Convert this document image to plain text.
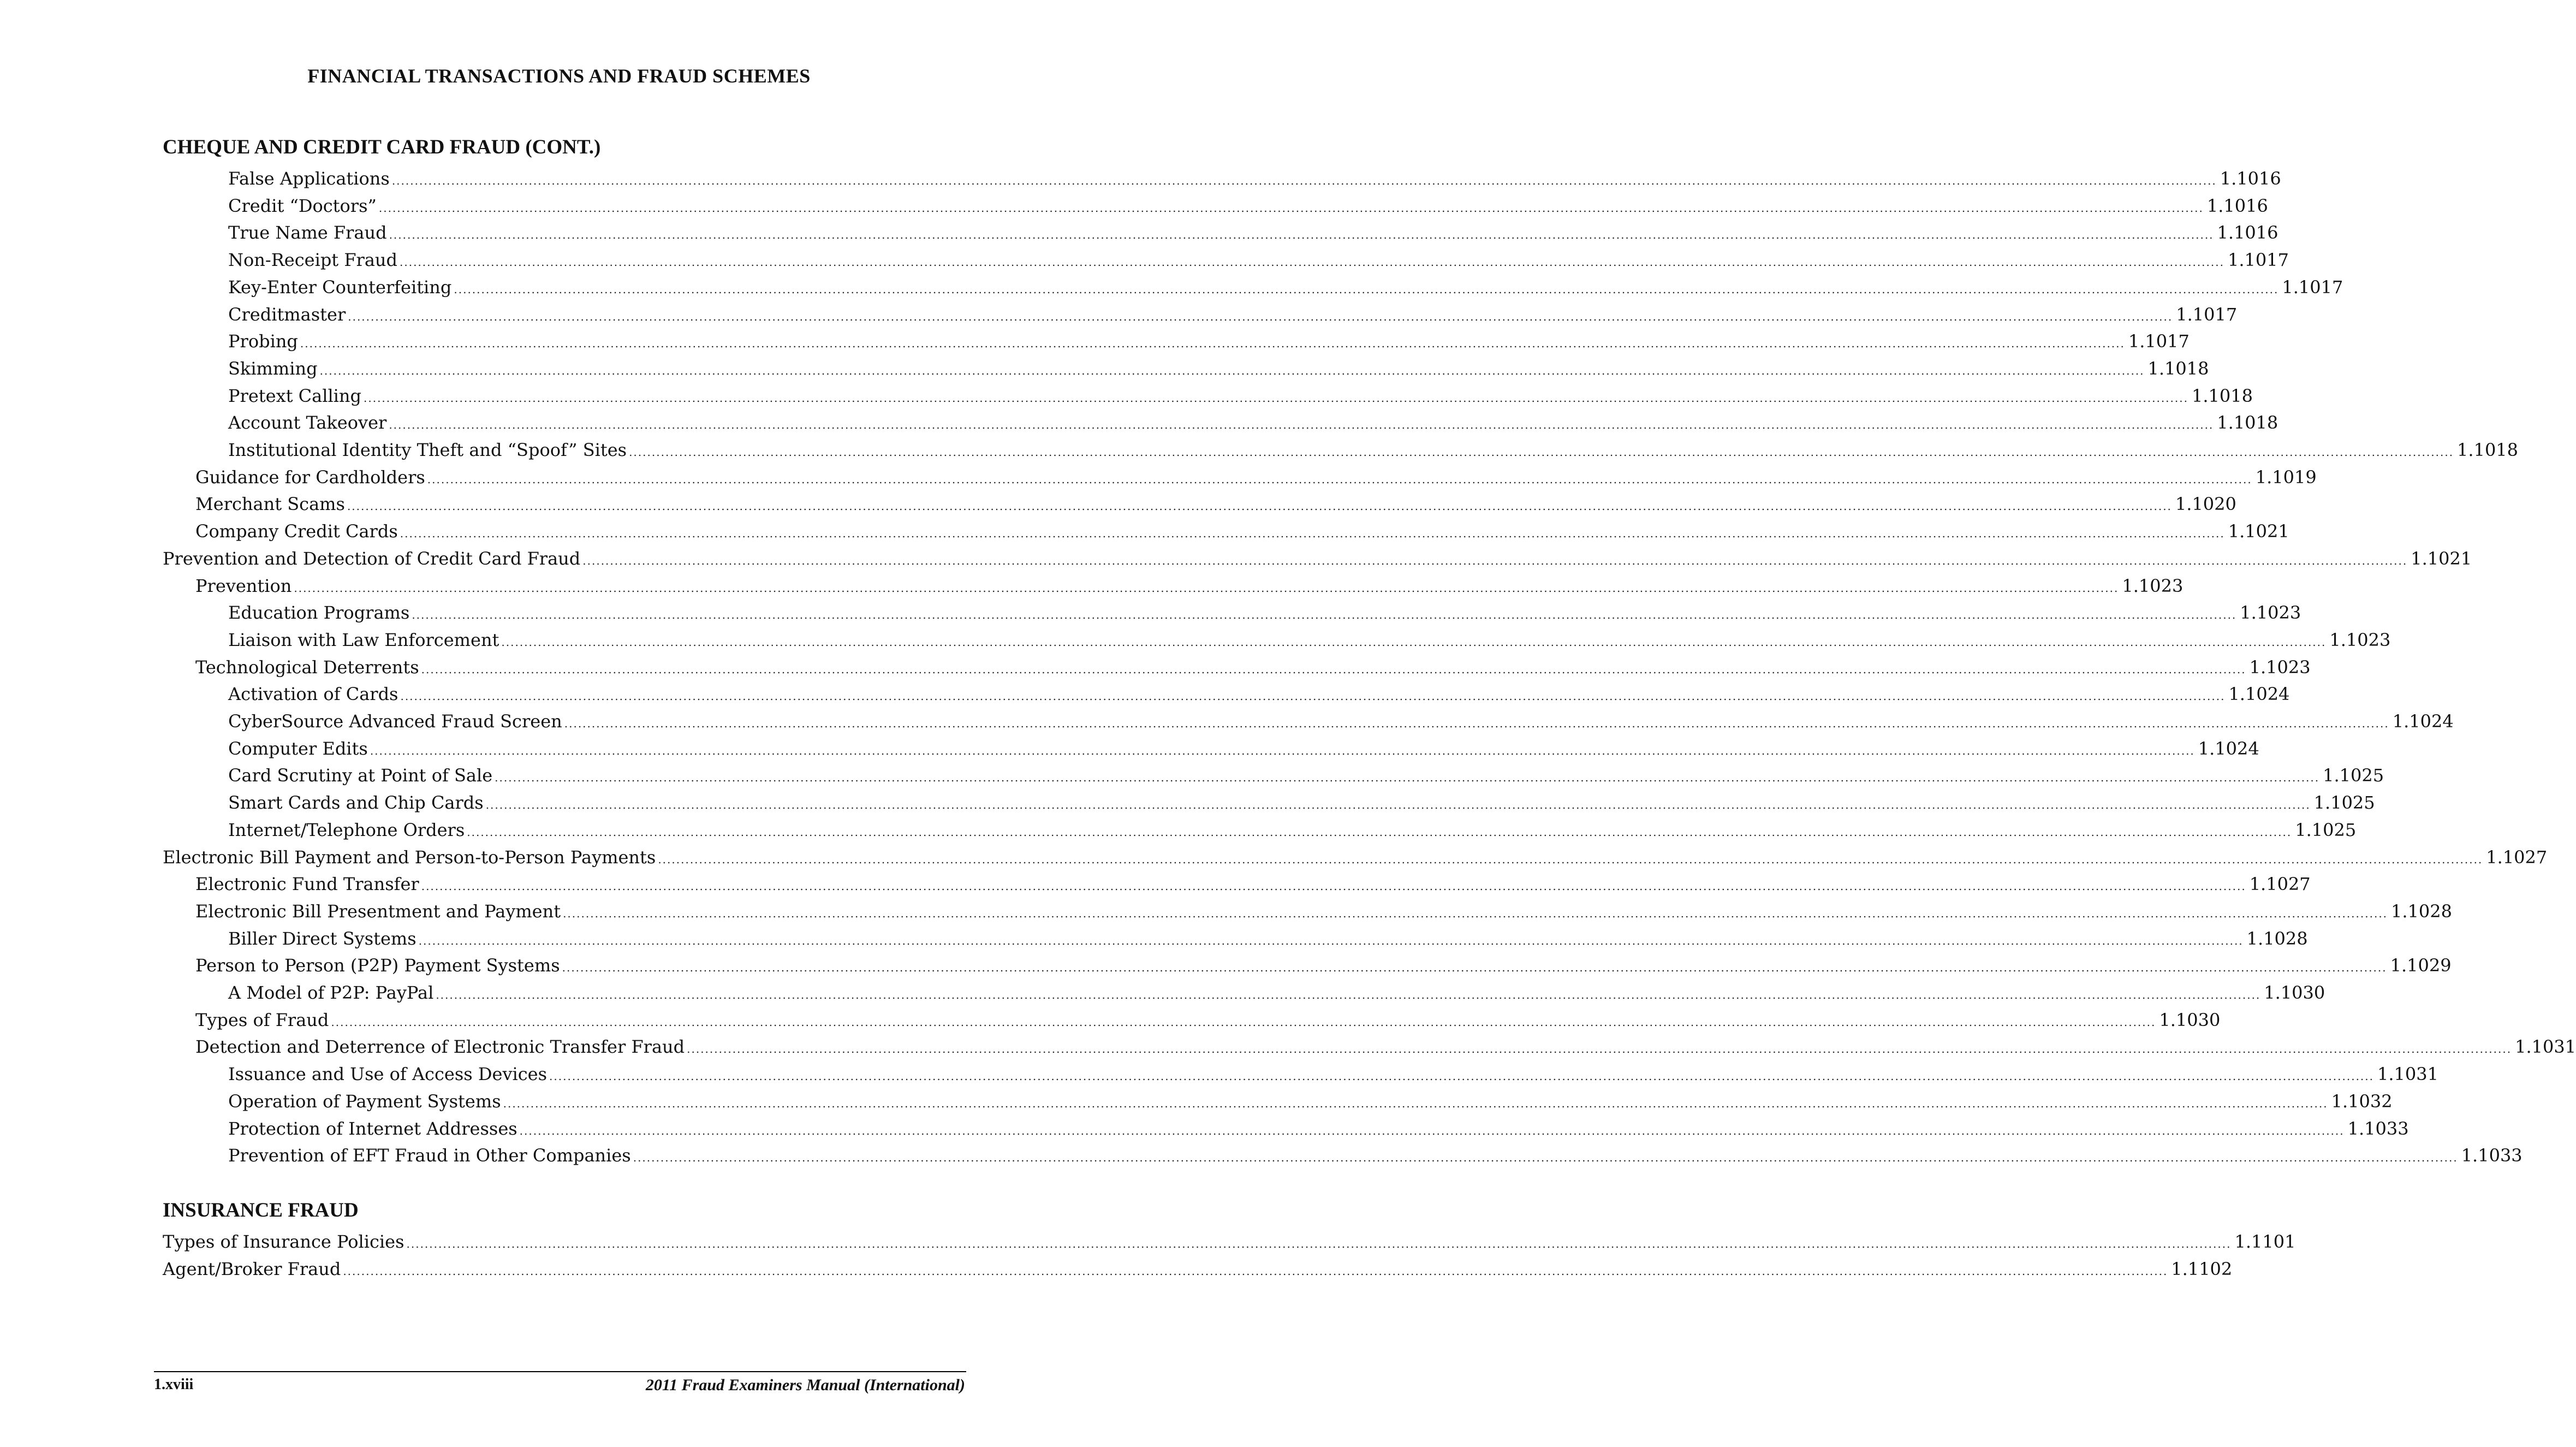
FINANCIAL TRANSACTIONS AND FRAUD SCHEMES
CHEQUE AND CREDIT CARD FRAUD (CONT.)
False Applications ................................................................................................................................................................................................................................................................................................................................................................................................................ 1.1016
Credit “Doctors” ................................................................................................................................................................................................................................................................................................................................................................................................................ 1.1016
True Name Fraud ................................................................................................................................................................................................................................................................................................................................................................................................................ 1.1016
Non-Receipt Fraud ................................................................................................................................................................................................................................................................................................................................................................................................................ 1.1017
Key-Enter Counterfeiting ................................................................................................................................................................................................................................................................................................................................................................................................................ 1.1017
Creditmaster ................................................................................................................................................................................................................................................................................................................................................................................................................ 1.1017
Probing ................................................................................................................................................................................................................................................................................................................................................................................................................ 1.1017
Skimming ................................................................................................................................................................................................................................................................................................................................................................................................................ 1.1018
Pretext Calling ................................................................................................................................................................................................................................................................................................................................................................................................................ 1.1018
Account Takeover ................................................................................................................................................................................................................................................................................................................................................................................................................ 1.1018
Institutional Identity Theft and “Spoof” Sites ................................................................................................................................................................................................................................................................................................................................................................................................................ 1.1018
Guidance for Cardholders ................................................................................................................................................................................................................................................................................................................................................................................................................ 1.1019
Merchant Scams ................................................................................................................................................................................................................................................................................................................................................................................................................ 1.1020
Company Credit Cards ................................................................................................................................................................................................................................................................................................................................................................................................................ 1.1021
Prevention and Detection of Credit Card Fraud ................................................................................................................................................................................................................................................................................................................................................................................................................ 1.1021
Prevention ................................................................................................................................................................................................................................................................................................................................................................................................................ 1.1023
Education Programs ................................................................................................................................................................................................................................................................................................................................................................................................................ 1.1023
Liaison with Law Enforcement ................................................................................................................................................................................................................................................................................................................................................................................................................ 1.1023
Technological Deterrents ................................................................................................................................................................................................................................................................................................................................................................................................................ 1.1023
Activation of Cards ................................................................................................................................................................................................................................................................................................................................................................................................................ 1.1024
CyberSource Advanced Fraud Screen ................................................................................................................................................................................................................................................................................................................................................................................................................ 1.1024
Computer Edits ................................................................................................................................................................................................................................................................................................................................................................................................................ 1.1024
Card Scrutiny at Point of Sale ................................................................................................................................................................................................................................................................................................................................................................................................................ 1.1025
Smart Cards and Chip Cards ................................................................................................................................................................................................................................................................................................................................................................................................................ 1.1025
Internet/Telephone Orders ................................................................................................................................................................................................................................................................................................................................................................................................................ 1.1025
Electronic Bill Payment and Person-to-Person Payments ................................................................................................................................................................................................................................................................................................................................................................................................................ 1.1027
Electronic Fund Transfer ................................................................................................................................................................................................................................................................................................................................................................................................................ 1.1027
Electronic Bill Presentment and Payment ................................................................................................................................................................................................................................................................................................................................................................................................................ 1.1028
Biller Direct Systems ................................................................................................................................................................................................................................................................................................................................................................................................................ 1.1028
Person to Person (P2P) Payment Systems ................................................................................................................................................................................................................................................................................................................................................................................................................ 1.1029
A Model of P2P: PayPal ................................................................................................................................................................................................................................................................................................................................................................................................................ 1.1030
Types of Fraud ................................................................................................................................................................................................................................................................................................................................................................................................................ 1.1030
Detection and Deterrence of Electronic Transfer Fraud ................................................................................................................................................................................................................................................................................................................................................................................................................ 1.1031
Issuance and Use of Access Devices ................................................................................................................................................................................................................................................................................................................................................................................................................ 1.1031
Operation of Payment Systems ................................................................................................................................................................................................................................................................................................................................................................................................................ 1.1032
Protection of Internet Addresses ................................................................................................................................................................................................................................................................................................................................................................................................................ 1.1033
Prevention of EFT Fraud in Other Companies ................................................................................................................................................................................................................................................................................................................................................................................................................ 1.1033
INSURANCE FRAUD
Types of Insurance Policies ................................................................................................................................................................................................................................................................................................................................................................................................................ 1.1101
Agent/Broker Fraud ................................................................................................................................................................................................................................................................................................................................................................................................................ 1.1102
1.xviii	2011 Fraud Examiners Manual (International)
